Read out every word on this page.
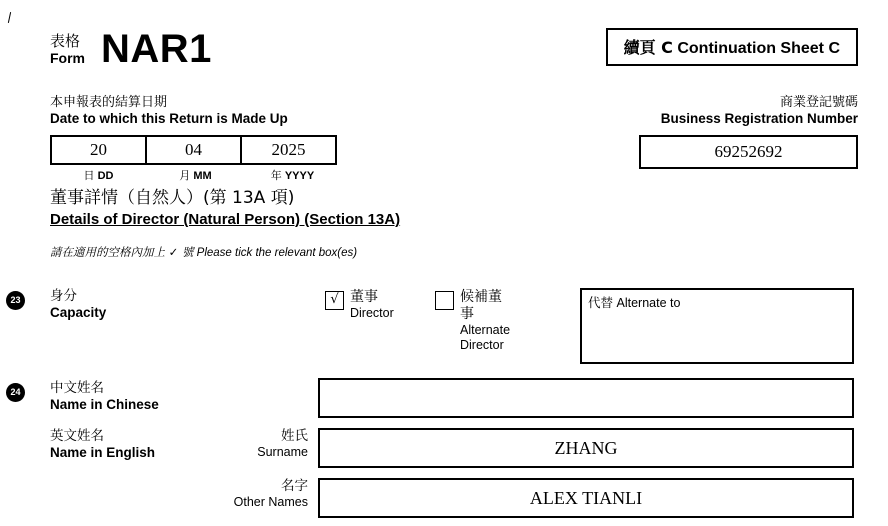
表格
Form NAR1	續頁 C Continuation Sheet C
本申報表的結算日期
Date to which this Return is Made Up
20	04	2025
日 DD	月 MM	年 YYYY
商業登記號碼
Business Registration Number
69252692
董事詳情（自然人）(第 13A 項)
Details of Director (Natural Person) (Section 13A)
請在適用的空格內加上 ✓ 號 Please tick the relevant box(es)
23	身分
Capacity
√ 董事
Director
候補董事
Alternate
Director
代替 Alternate to
24	中文姓名
Name in Chinese
英文姓名
Name in English
姓氏
Surname	ZHANG
名字
Other Names	ALEX TIANLI
